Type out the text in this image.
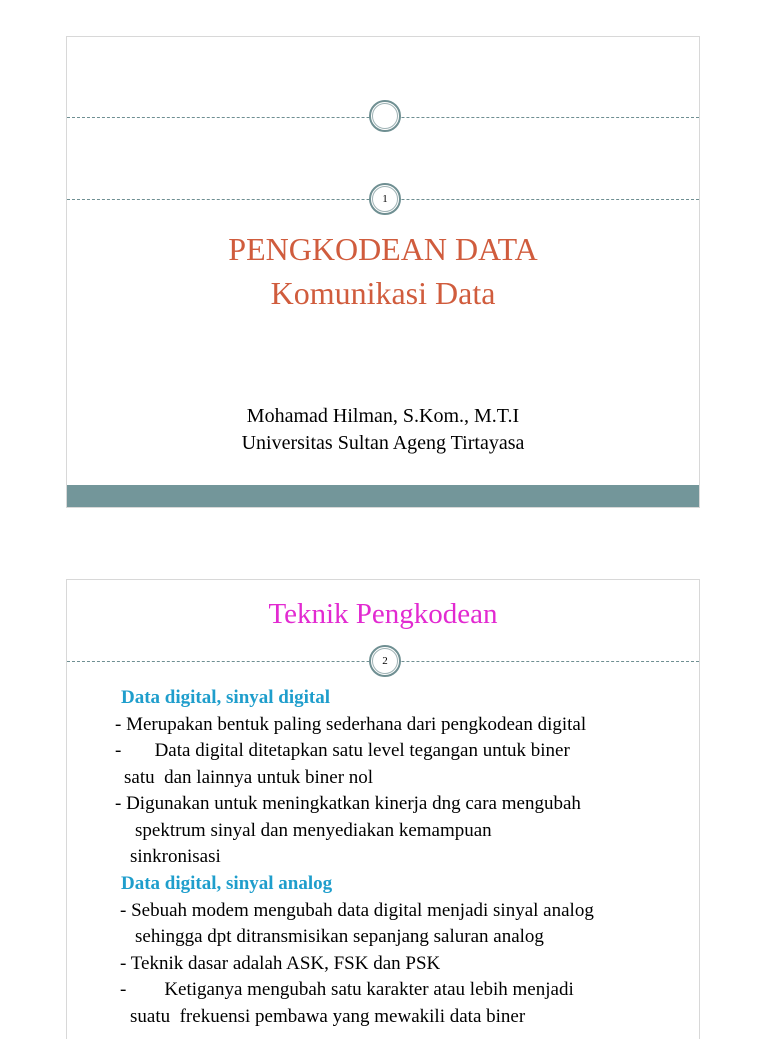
1
PENGKODEAN DATA
Komunikasi Data
Mohamad Hilman, S.Kom., M.T.I
Universitas Sultan Ageng Tirtayasa
Teknik Pengkodean
2
Data digital, sinyal digital
- Merupakan bentuk paling sederhana dari pengkodean digital
-       Data digital ditetapkan satu level tegangan untuk biner
satu  dan lainnya untuk biner nol
- Digunakan untuk meningkatkan kinerja dng cara mengubah
spektrum sinyal dan menyediakan kemampuan
sinkronisasi
Data digital, sinyal analog
- Sebuah modem mengubah data digital menjadi sinyal analog
sehingga dpt ditransmisikan sepanjang saluran analog
- Teknik dasar adalah ASK, FSK dan PSK
-        Ketiganya mengubah satu karakter atau lebih menjadi
suatu  frekuensi pembawa yang mewakili data biner
